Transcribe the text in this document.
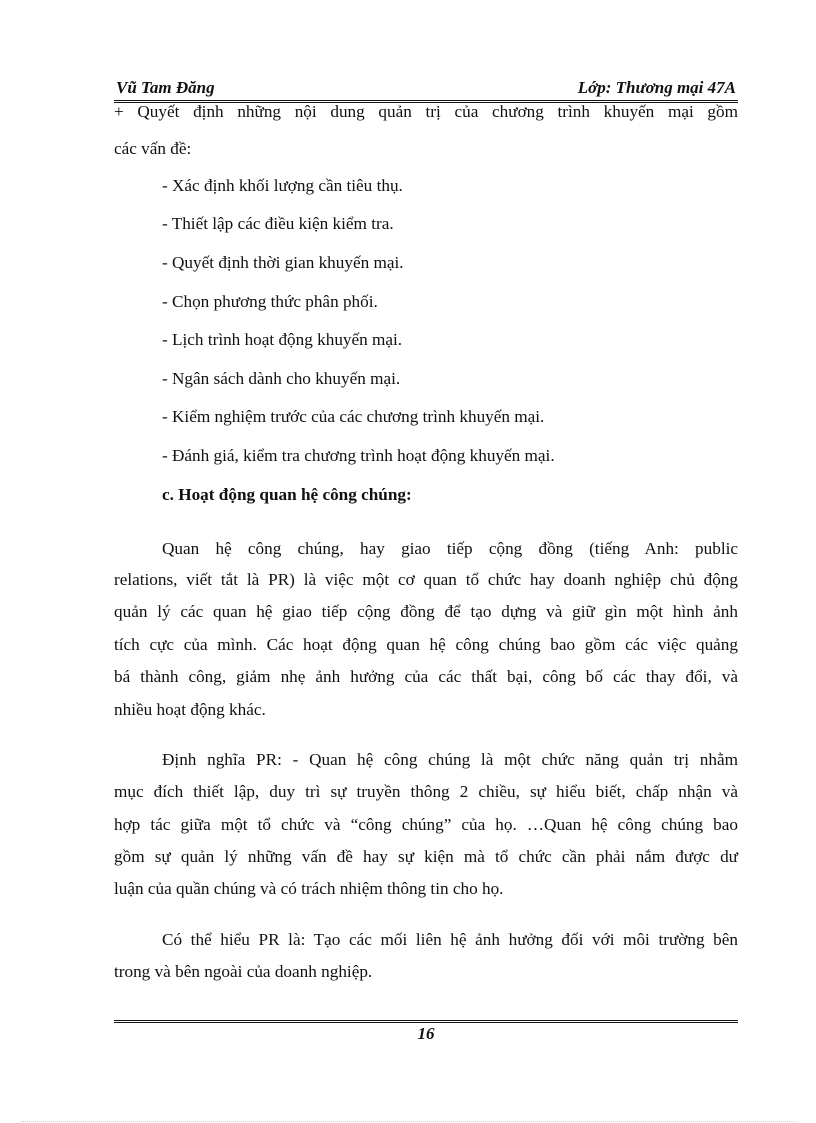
Vũ Tam Đăng	Lớp: Thương mại 47A
+ Quyết định những nội dung quản trị của chương trình khuyến mại gồm
các vấn đề:
- Xác định khối lượng cần tiêu thụ.
- Thiết lập các điều kiện kiểm tra.
- Quyết định thời gian khuyến mại.
- Chọn phương thức phân phối.
- Lịch trình hoạt động khuyến mại.
- Ngân sách dành cho khuyến mại.
- Kiểm nghiệm trước của các chương trình khuyến mại.
- Đánh giá, kiểm tra chương trình hoạt động khuyến mại.
c. Hoạt động quan hệ công chúng:
Quan hệ công chúng, hay giao tiếp cộng đồng (tiếng Anh: public
relations, viết tắt là PR) là việc một cơ quan tổ chức hay doanh nghiệp chủ động
quản lý các quan hệ giao tiếp cộng đồng để tạo dựng và giữ gìn một hình ảnh
tích cực của mình. Các hoạt động quan hệ công chúng bao gồm các việc quảng
bá thành công, giảm nhẹ ảnh hưởng của các thất bại, công bố các thay đổi, và
nhiều hoạt động khác.
Định nghĩa PR: - Quan hệ công chúng là một chức năng quản trị nhằm
mục đích thiết lập, duy trì sự truyền thông 2 chiều, sự hiểu biết, chấp nhận và
hợp tác giữa một tổ chức và “công chúng” của họ. …Quan hệ công chúng bao
gồm sự quản lý những vấn đề hay sự kiện mà tổ chức cần phải nắm được dư
luận của quần chúng và có trách nhiệm thông tin cho họ.
Có thể hiểu PR là: Tạo các mối liên hệ ảnh hưởng đối với môi trường bên
trong và bên ngoài của doanh nghiệp.
16
